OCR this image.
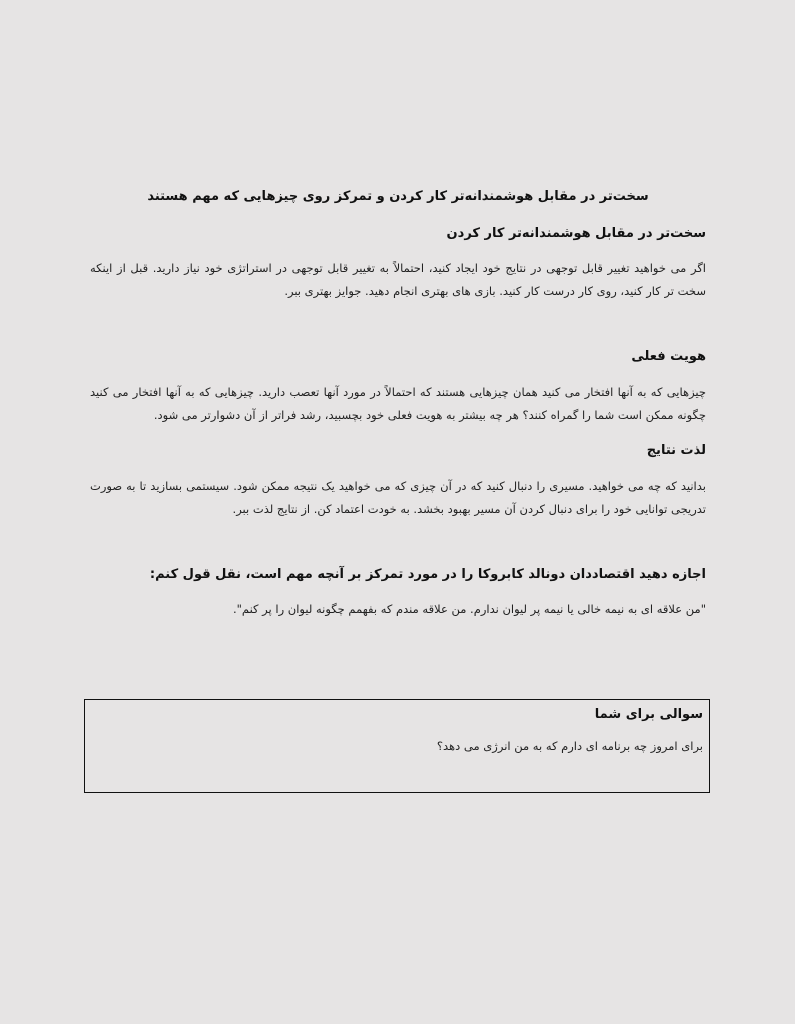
سخت‌تر در مقابل هوشمندانه‌تر کار کردن و تمرکز روی چیزهایی که مهم هستند
سخت‌تر در مقابل هوشمندانه‌تر کار کردن

اگر می خواهید تغییر قابل توجهی در نتایج خود ایجاد کنید، احتمالاً به تغییر قابل توجهی در استراتژی خود نیاز دارید. قبل از اینکه سخت تر کار کنید، روی کار درست کار کنید. بازی های بهتری انجام دهید. جوایز بهتری ببر.

هویت فعلی

چیزهایی که به آنها افتخار می کنید همان چیزهایی هستند که احتمالاً در مورد آنها تعصب دارید. چیزهایی که به آنها افتخار می کنید چگونه ممکن است شما را گمراه کنند؟ هر چه بیشتر به هویت فعلی خود بچسبید، رشد فراتر از آن دشوارتر می شود.

لذت نتایج

بدانید که چه می خواهید. مسیری را دنبال کنید که در آن چیزی که می خواهید یک نتیجه ممکن شود. سیستمی بسازید تا به صورت تدریجی توانایی خود را برای دنبال کردن آن مسیر بهبود بخشد. به خودت اعتماد کن. از نتایج لذت ببر.

اجازه دهید اقتصاددان دونالد کابروکا را در مورد تمرکز بر آنچه مهم است، نقل قول کنم:

"من علاقه ای به نیمه خالی یا نیمه پر لیوان ندارم. من علاقه مندم که بفهمم چگونه لیوان را پر کنم".

سوالی برای شما

برای امروز چه برنامه ای دارم که به من انرژی می دهد؟
